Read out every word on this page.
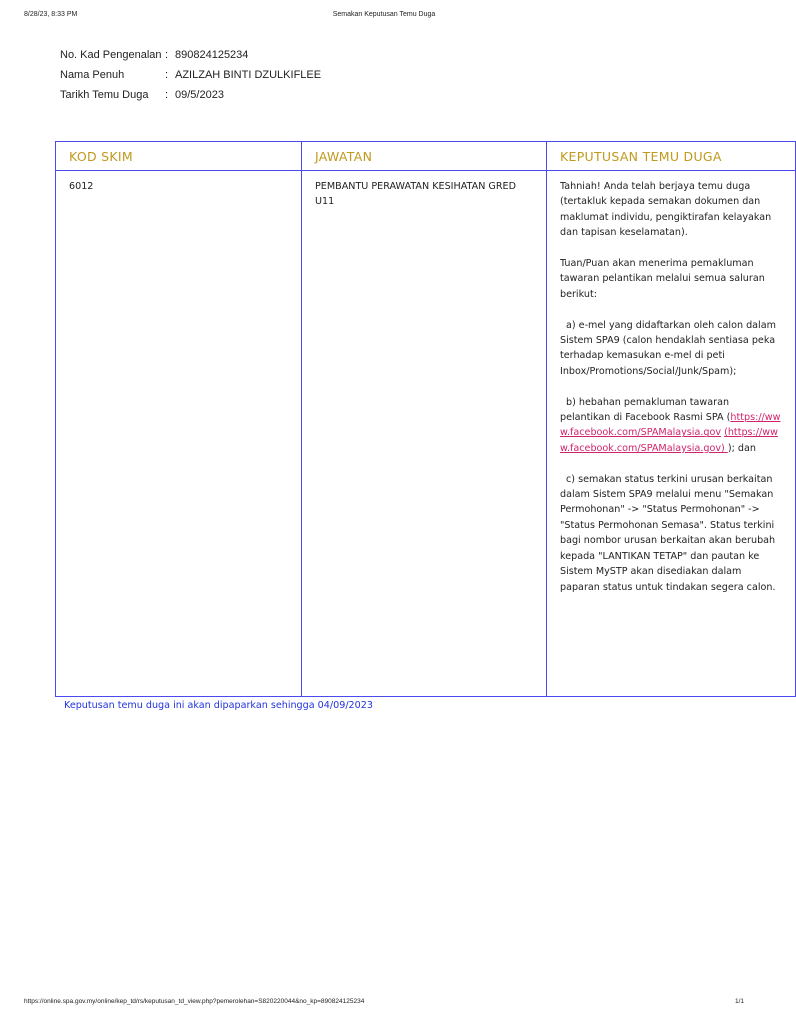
8/28/23, 8:33 PM	Semakan Keputusan Temu Duga
No. Kad Pengenalan : 890824125234
Nama Penuh	: AZILZAH BINTI DZULKIFLEE
Tarikh Temu Duga	: 09/5/2023
KOD SKIM	JAWATAN	KEPUTUSAN TEMU DUGA
6012	PEMBANTU PERAWATAN KESIHATAN GRED U11	Tahniah! Anda telah berjaya temu duga (tertakluk kepada semakan dokumen dan maklumat individu, pengiktirafan kelayakan dan tapisan keselamatan).

Tuan/Puan akan menerima pemakluman tawaran pelantikan melalui semua saluran berikut:

a) e-mel yang didaftarkan oleh calon dalam Sistem SPA9 (calon hendaklah sentiasa peka terhadap kemasukan e-mel di peti Inbox/Promotions/Social/Junk/Spam);

b) hebahan pemakluman tawaran pelantikan di Facebook Rasmi SPA (https://www.facebook.com/SPAMalaysia.gov (https://www.facebook.com/SPAMalaysia.gov) ); dan

c) semakan status terkini urusan berkaitan dalam Sistem SPA9 melalui menu "Semakan Permohonan" -> "Status Permohonan" -> "Status Permohonan Semasa". Status terkini bagi nombor urusan berkaitan akan berubah kepada "LANTIKAN TETAP" dan pautan ke Sistem MySTP akan disediakan dalam paparan status untuk tindakan segera calon.

Keputusan temu duga ini akan dipaparkan sehingga 04/09/2023
https://online.spa.gov.my/online/kep_td/rs/keputusan_td_view.php?pemerolehan=S820220044&no_kp=890824125234	1/1
